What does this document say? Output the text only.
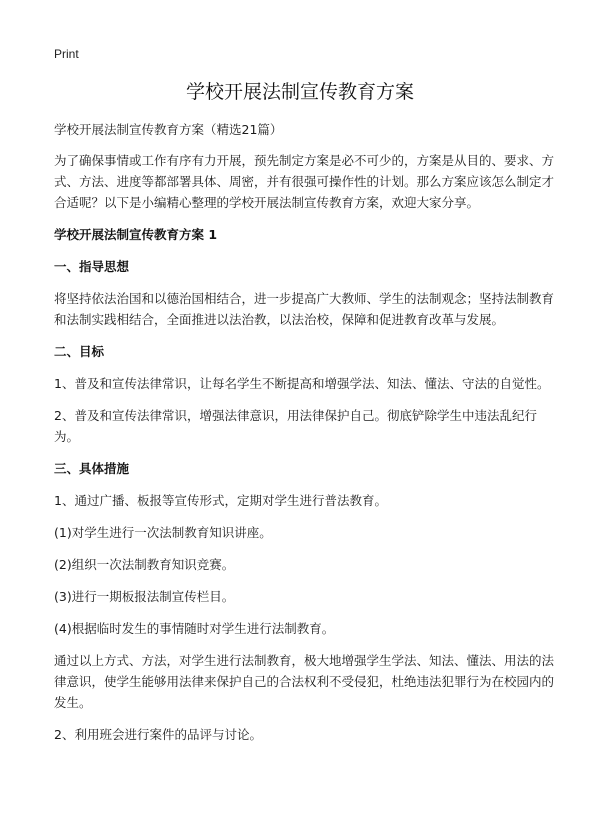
Print
学校开展法制宣传教育方案

学校开展法制宣传教育方案（精选21篇）

为了确保事情或工作有序有力开展，预先制定方案是必不可少的，方案是从目的、要求、方式、方法、进度等都部署具体、周密，并有很强可操作性的计划。那么方案应该怎么制定才合适呢？以下是小编精心整理的学校开展法制宣传教育方案，欢迎大家分享。

学校开展法制宣传教育方案 1
一、指导思想

将坚持依法治国和以德治国相结合，进一步提高广大教师、学生的法制观念；坚持法制教育和法制实践相结合，全面推进以法治教，以法治校，保障和促进教育改革与发展。

二、目标

1、普及和宣传法律常识，让每名学生不断提高和增强学法、知法、懂法、守法的自觉性。

2、普及和宣传法律常识，增强法律意识，用法律保护自己。彻底铲除学生中违法乱纪行为。

三、具体措施

1、通过广播、板报等宣传形式，定期对学生进行普法教育。

(1)对学生进行一次法制教育知识讲座。

(2)组织一次法制教育知识竞赛。

(3)进行一期板报法制宣传栏目。

(4)根据临时发生的事情随时对学生进行法制教育。

通过以上方式、方法，对学生进行法制教育，极大地增强学生学法、知法、懂法、用法的法律意识，使学生能够用法律来保护自己的合法权利不受侵犯，杜绝违法犯罪行为在校园内的发生。

2、利用班会进行案件的品评与讨论。
